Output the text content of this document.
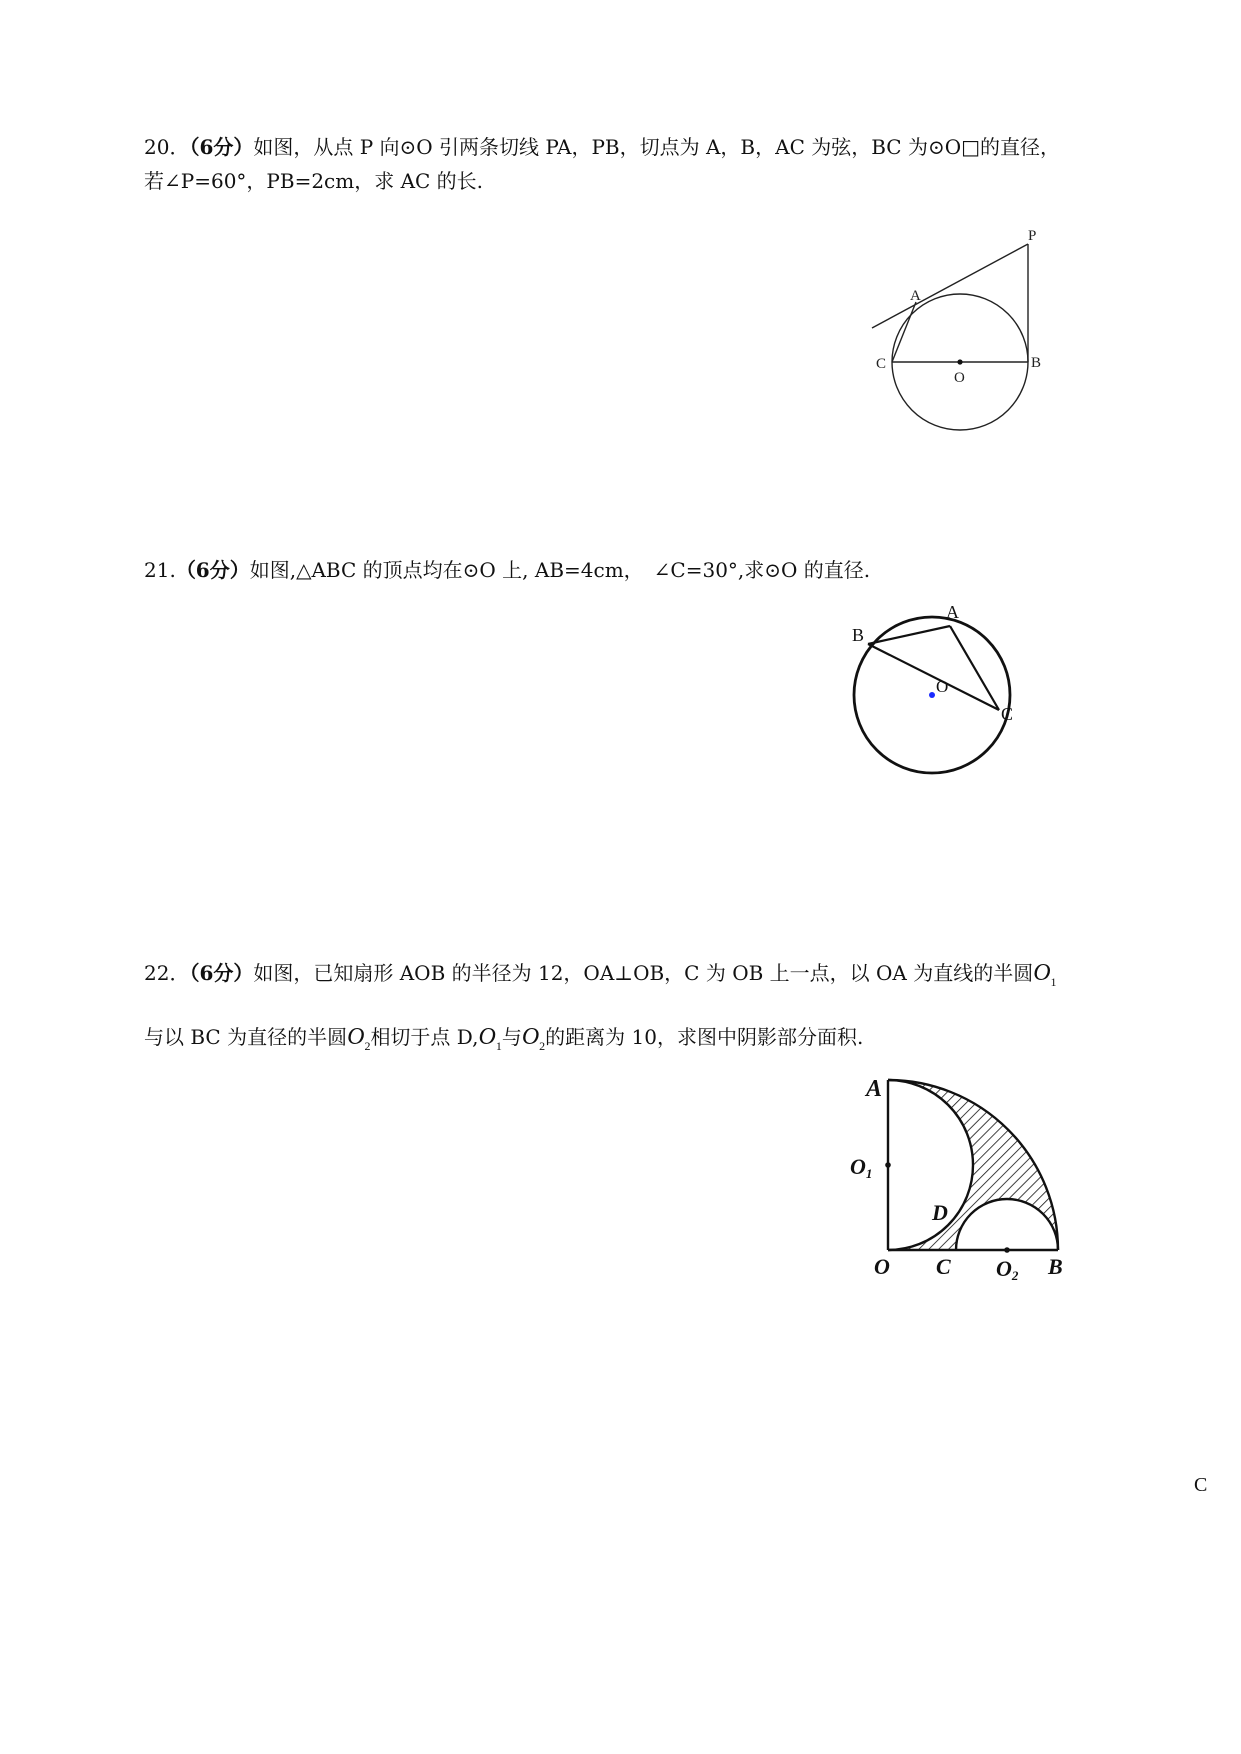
20．（6分）如图，从点 P 向⊙O 引两条切线 PA，PB，切点为 A，B，AC 为弦，BC 为⊙O□的直径，
若∠P=60°，PB=2cm，求 AC 的长.
P
A
C	B
O
21.（6分）如图,△ABC 的顶点均在⊙O 上, AB=4cm，　∠C=30°,求⊙O 的直径.
A
B
C
O
22．（6分）如图，已知扇形 AOB 的半径为 12，OA⊥OB，C 为 OB 上一点，以 OA 为直线的半圆$O_1$
与以 BC 为直径的半圆$O_2$相切于点 $D,O_1$与$O_2$的距离为 10，求图中阴影部分面积.
A
O1
D
O C O2 B
C
